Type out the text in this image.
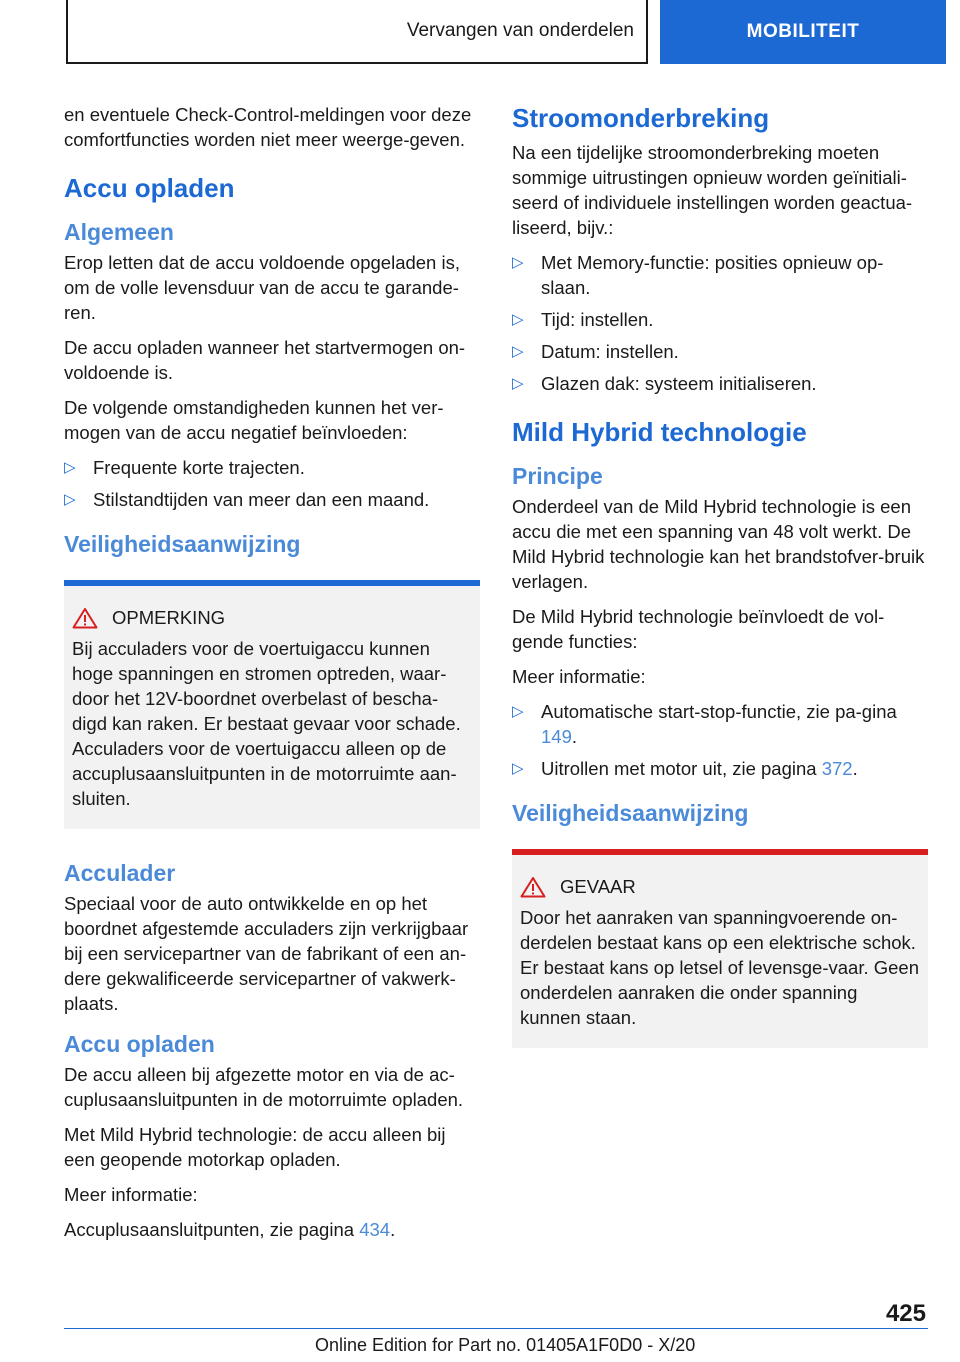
Vervangen van onderdelen	MOBILITEIT

en eventuele Check-Control-meldingen voor deze comfortfuncties worden niet meer weerge-geven.

Accu opladen
Algemeen

Erop letten dat de accu voldoende opgeladen is, om de volle levensduur van de accu te garande-ren.

De accu opladen wanneer het startvermogen on-voldoende is.

De volgende omstandigheden kunnen het ver-mogen van de accu negatief beïnvloeden:

▷ Frequente korte trajecten.
▷ Stilstandtijden van meer dan een maand.
Veiligheidsaanwijzing
OPMERKING

Bij acculaders voor de voertuigaccu kunnen hoge spanningen en stromen optreden, waar-door het 12V-boordnet overbelast of bescha-digd kan raken. Er bestaat gevaar voor schade. Acculaders voor de voertuigaccu alleen op de accuplusaansluitpunten in de motorruimte aan-sluiten.

Acculader

Speciaal voor de auto ontwikkelde en op het boordnet afgestemde acculaders zijn verkrijgbaar bij een servicepartner van de fabrikant of een an-dere gekwalificeerde servicepartner of vakwerk-plaats.

Accu opladen

De accu alleen bij afgezette motor en via de ac-cuplusaansluitpunten in de motorruimte opladen.

Met Mild Hybrid technologie: de accu alleen bij een geopende motorkap opladen.

Meer informatie:

Accuplusaansluitpunten, zie pagina 434.

Stroomonderbreking

Na een tijdelijke stroomonderbreking moeten sommige uitrustingen opnieuw worden geïnitiali-seerd of individuele instellingen worden geactua-liseerd, bijv.:

▷ Met Memory-functie: posities opnieuw op-slaan.
▷ Tijd: instellen.
▷ Datum: instellen.
▷ Glazen dak: systeem initialiseren.
Mild Hybrid technologie
Principe

Onderdeel van de Mild Hybrid technologie is een accu die met een spanning van 48 volt werkt. De Mild Hybrid technologie kan het brandstofver-bruik verlagen.

De Mild Hybrid technologie beïnvloedt de vol-gende functies:

Meer informatie:

▷ Automatische start-stop-functie, zie pa-gina 149.
▷ Uitrollen met motor uit, zie pagina 372.
Veiligheidsaanwijzing
GEVAAR

Door het aanraken van spanningvoerende on-derdelen bestaat kans op een elektrische schok. Er bestaat kans op letsel of levensge-vaar. Geen onderdelen aanraken die onder spanning kunnen staan.

425
Online Edition for Part no. 01405A1F0D0 - X/20
